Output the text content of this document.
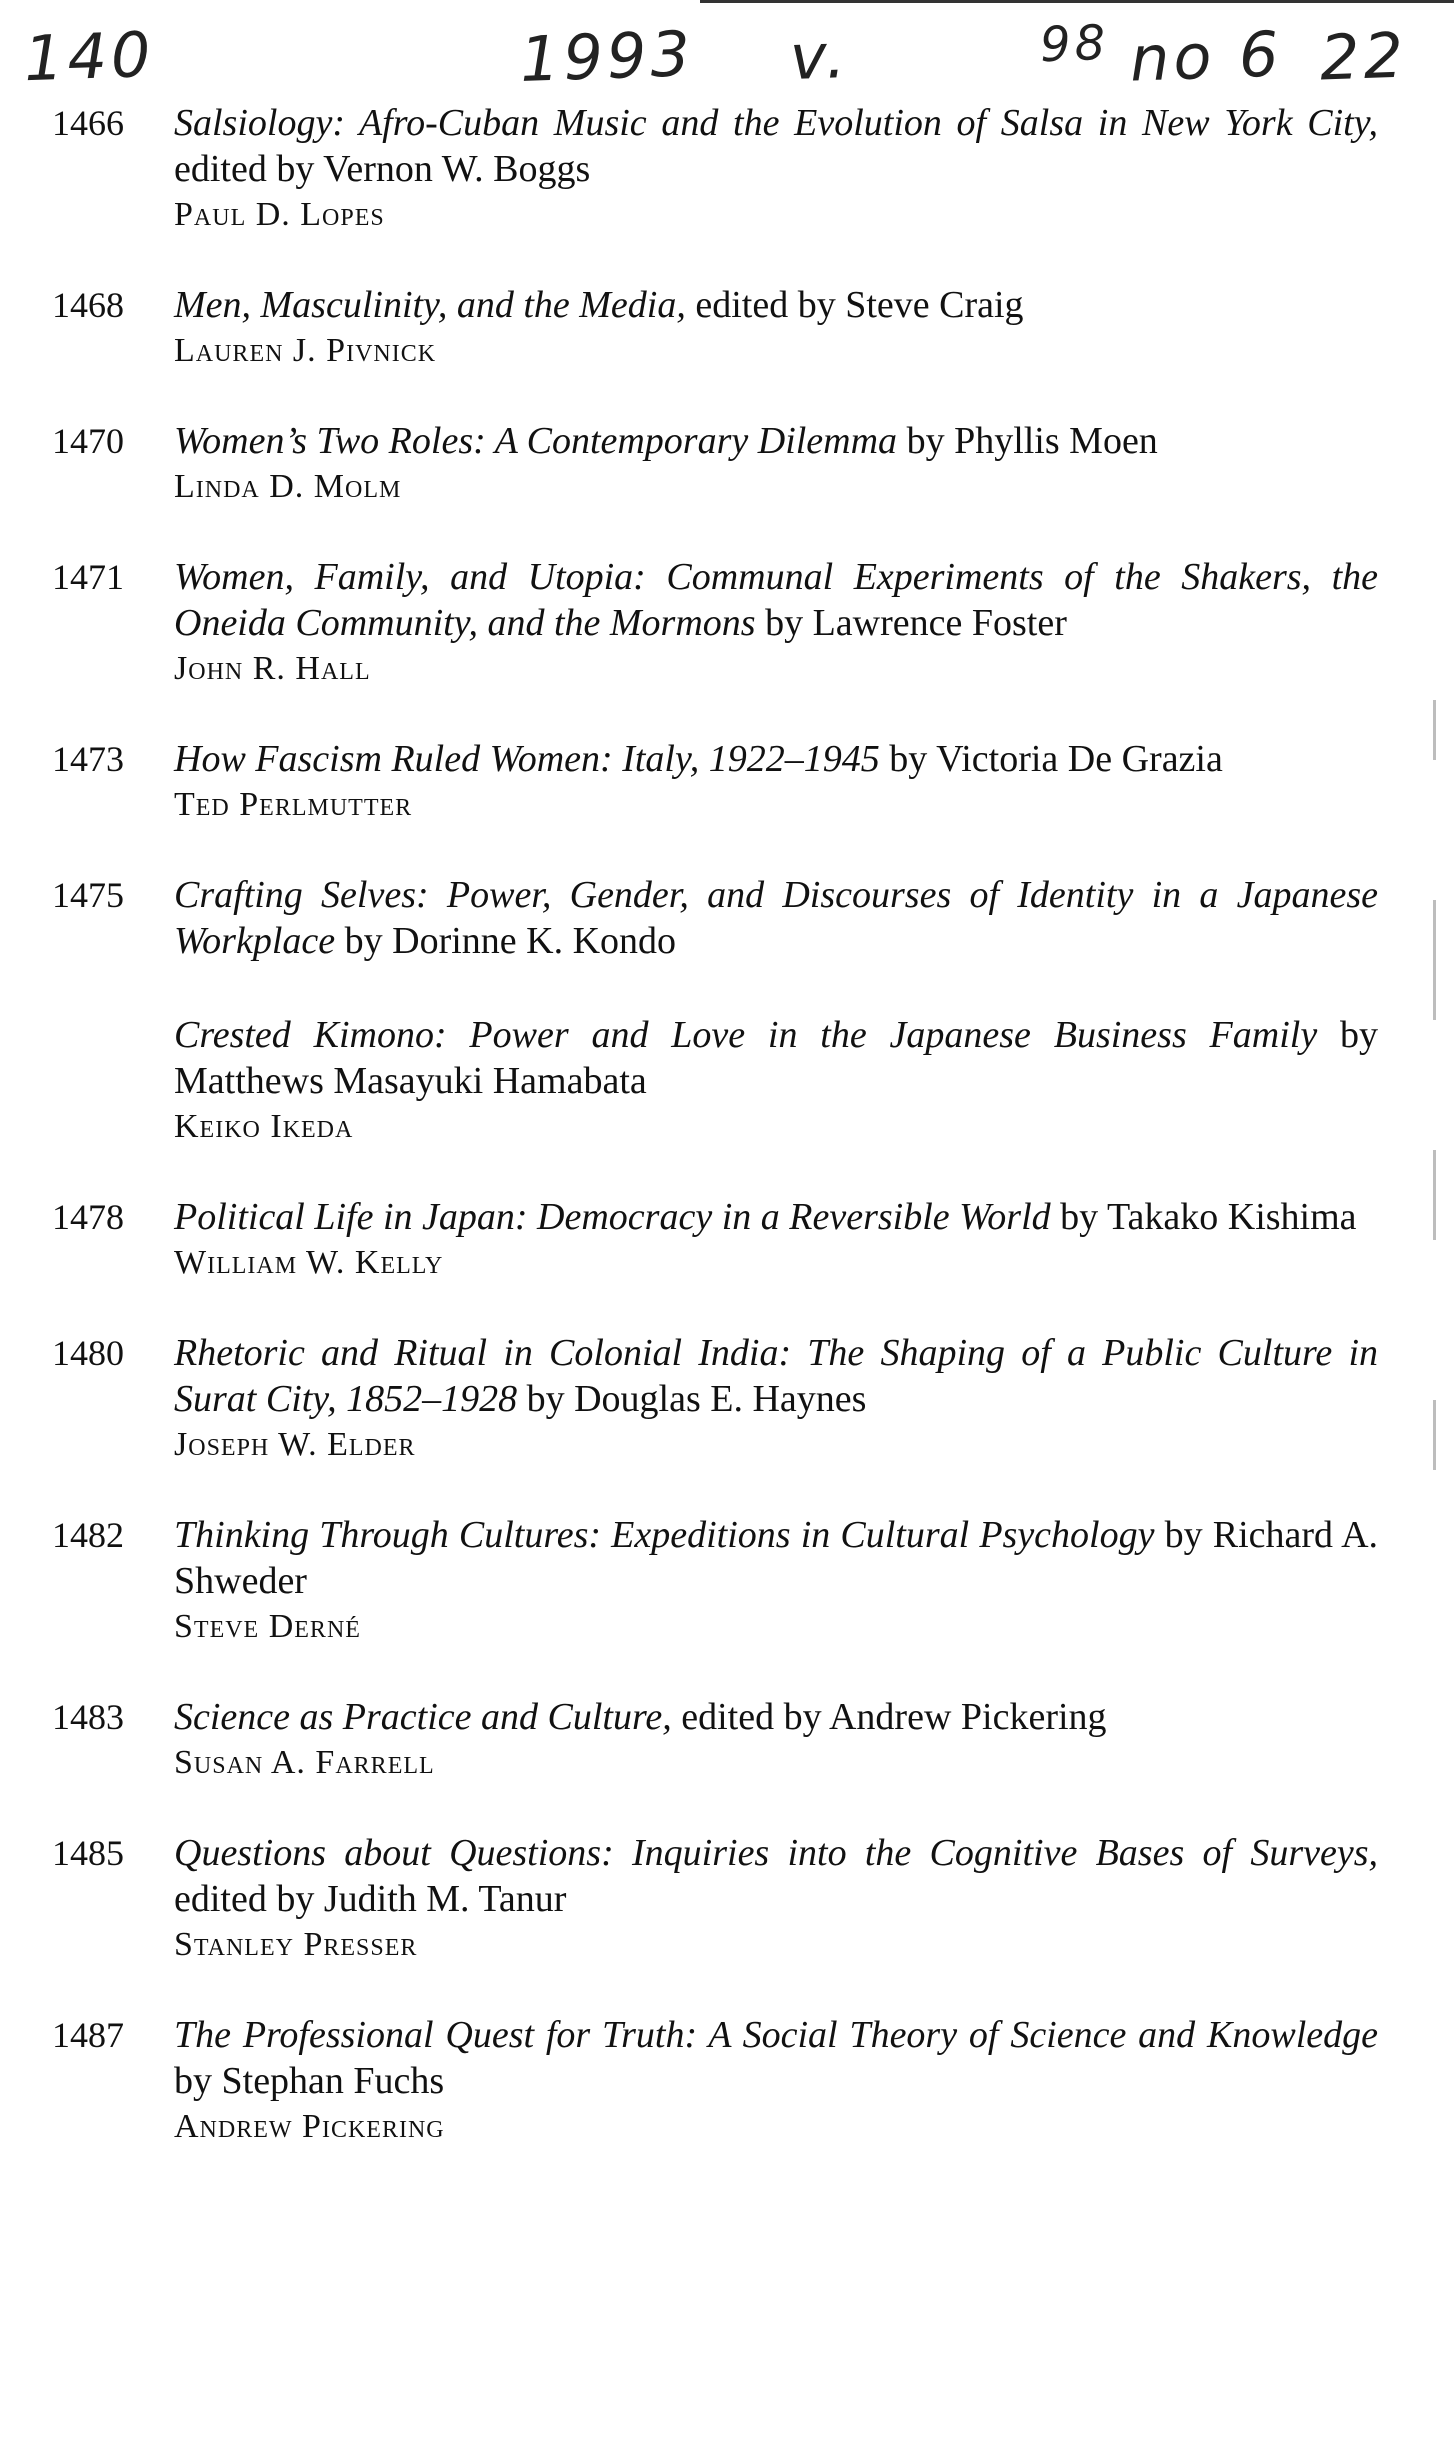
140	1993 v.	98 no 6 22
1466	Salsiology: Afro-Cuban Music and the Evolution of Salsa in New York City, edited by Vernon W. Boggs
Paul D. Lopes
1468	Men, Masculinity, and the Media, edited by Steve Craig
Lauren J. Pivnick
1470	Women’s Two Roles: A Contemporary Dilemma by Phyllis Moen
Linda D. Molm
1471	Women, Family, and Utopia: Communal Experiments of the Shakers, the Oneida Community, and the Mormons by Lawrence Foster
John R. Hall
1473	How Fascism Ruled Women: Italy, 1922–1945 by Victoria De Grazia
Ted Perlmutter
1475	Crafting Selves: Power, Gender, and Discourses of Identity in a Japanese Workplace by Dorinne K. Kondo
Crested Kimono: Power and Love in the Japanese Business Family by Matthews Masayuki Hamabata
Keiko Ikeda
1478	Political Life in Japan: Democracy in a Reversible World by Takako Kishima
William W. Kelly
1480	Rhetoric and Ritual in Colonial India: The Shaping of a Public Culture in Surat City, 1852–1928 by Douglas E. Haynes
Joseph W. Elder
1482	Thinking Through Cultures: Expeditions in Cultural Psychology by Richard A. Shweder
Steve Derné
1483	Science as Practice and Culture, edited by Andrew Pickering
Susan A. Farrell
1485	Questions about Questions: Inquiries into the Cognitive Bases of Surveys, edited by Judith M. Tanur
Stanley Presser
1487	The Professional Quest for Truth: A Social Theory of Science and Knowledge by Stephan Fuchs
Andrew Pickering
